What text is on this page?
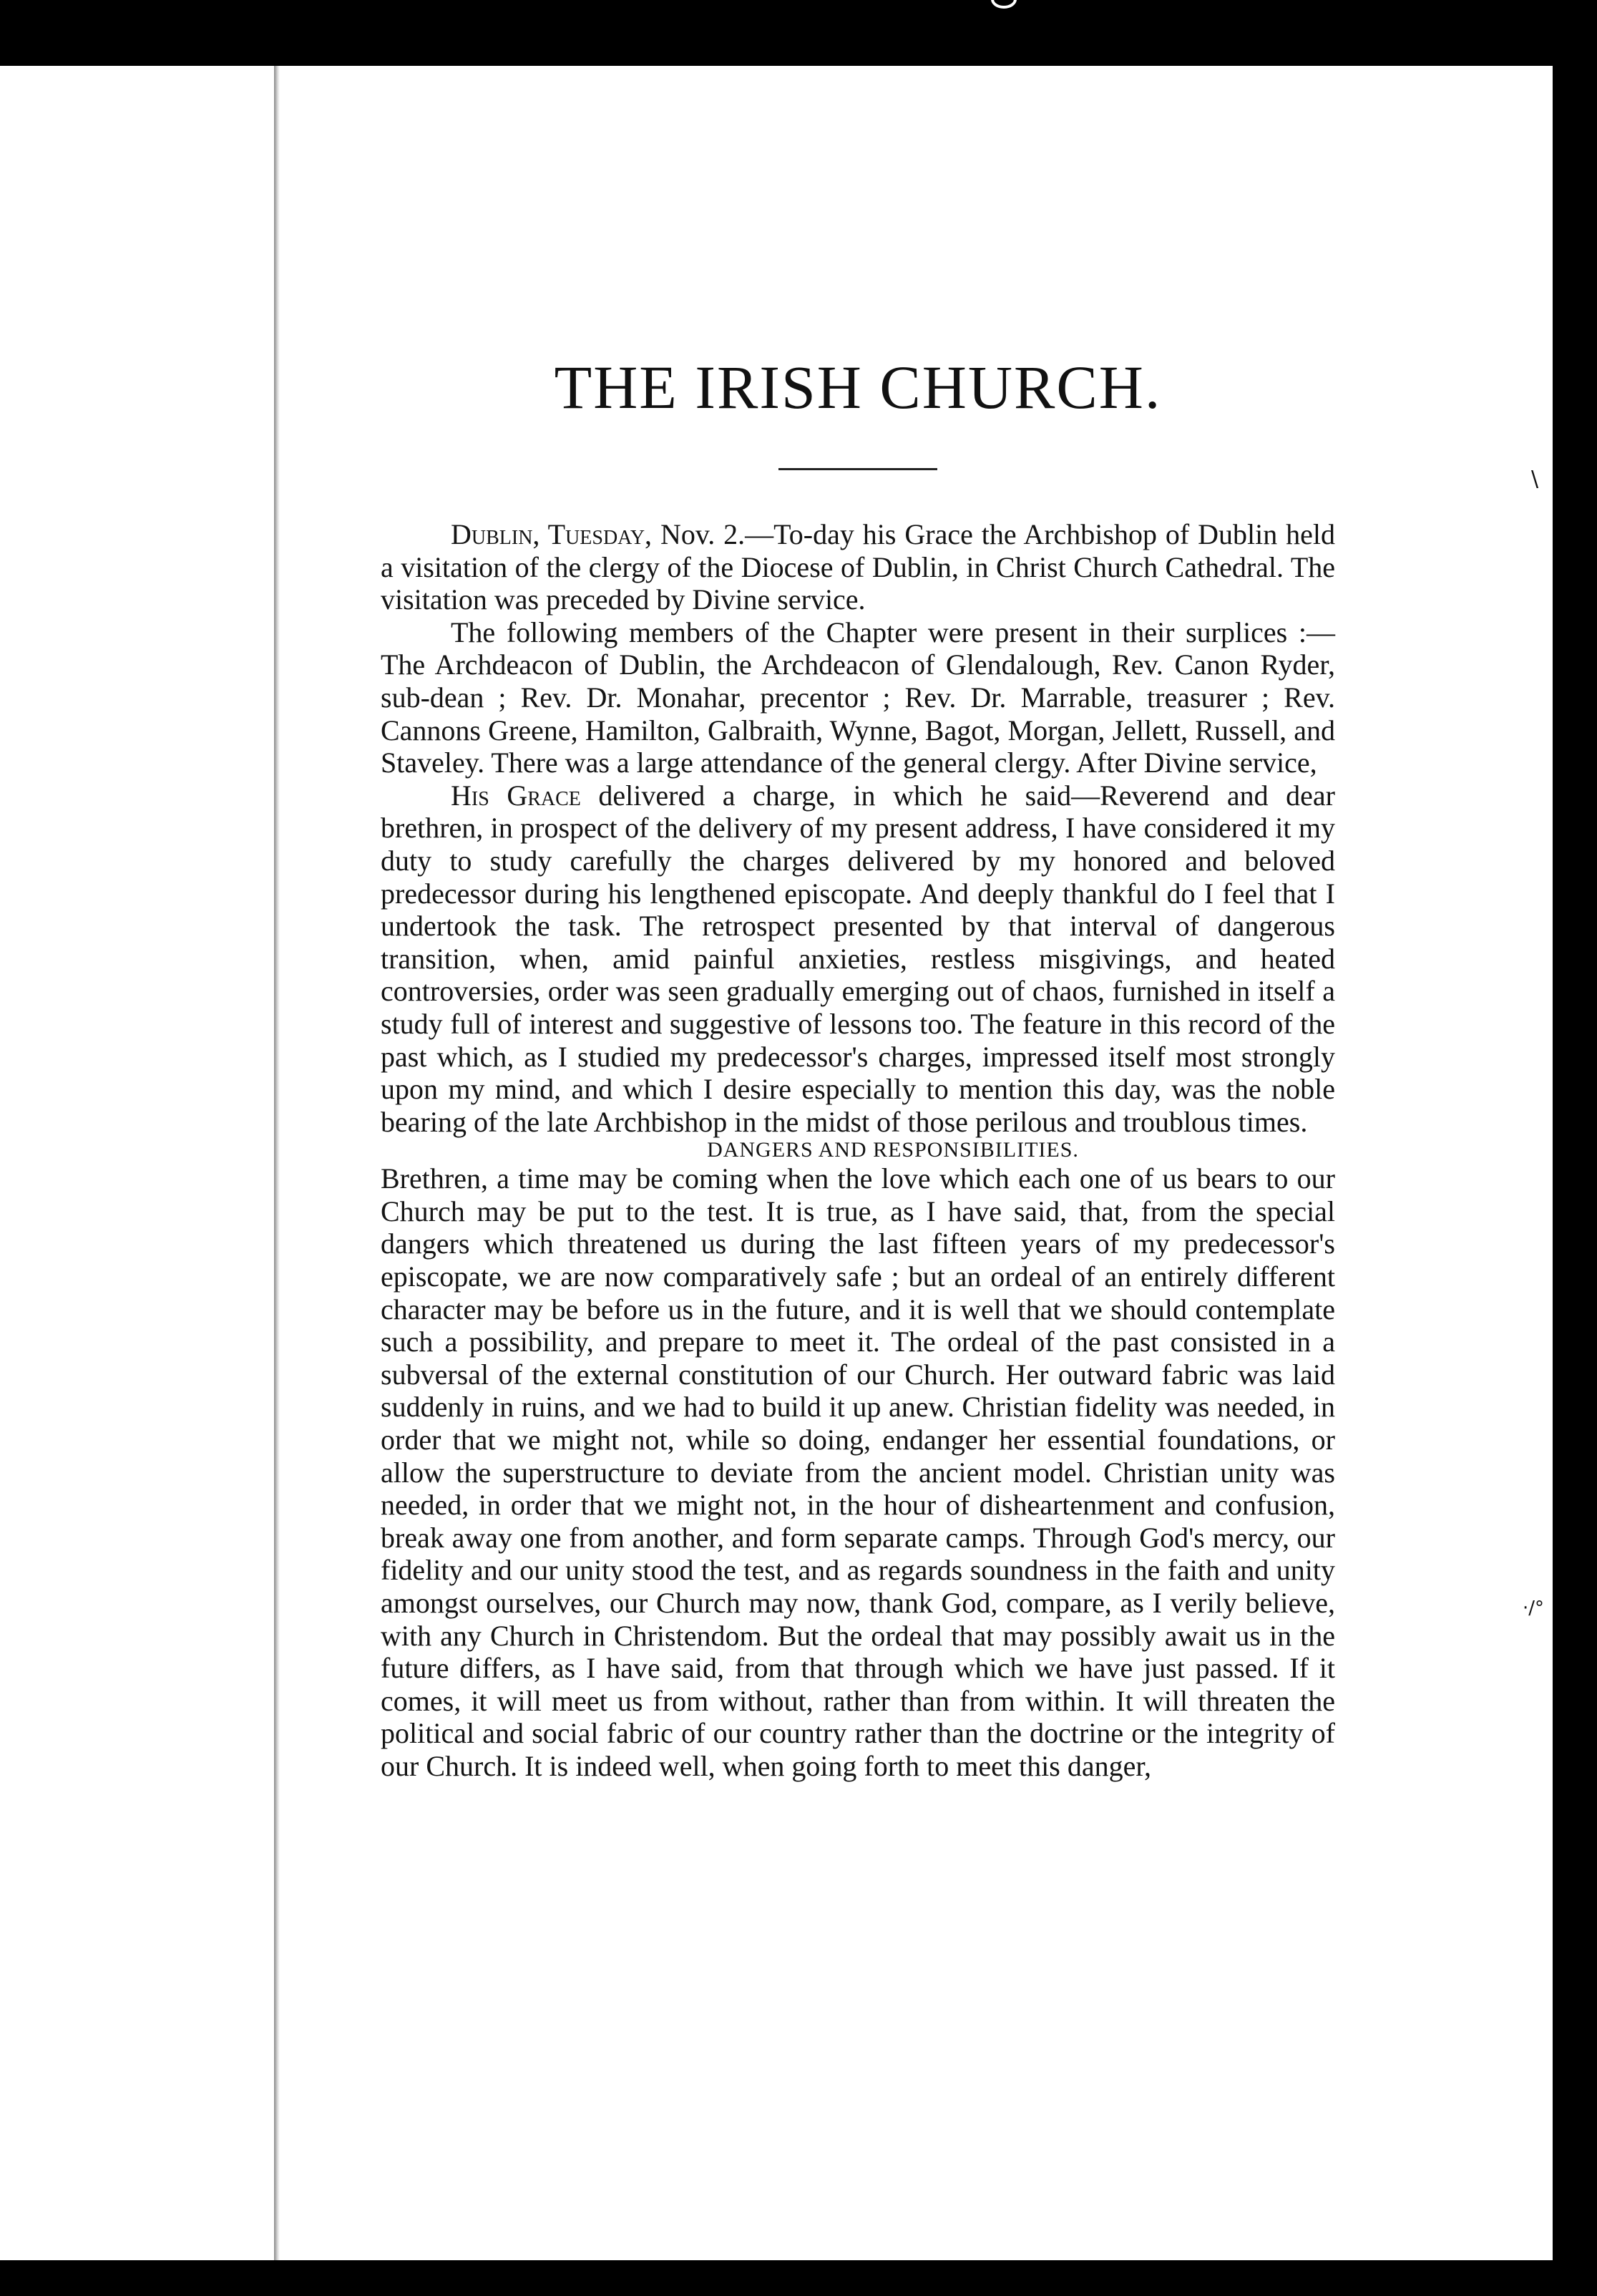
\
·/°
THE IRISH CHURCH.

Dublin, Tuesday, Nov. 2.—To-day his Grace the Archbishop of Dublin held a visitation of the clergy of the Diocese of Dublin, in Christ Church Cathedral. The visitation was preceded by Divine service.

The following members of the Chapter were present in their surplices :—The Archdeacon of Dublin, the Archdeacon of Glendalough, Rev. Canon Ryder, sub-dean ; Rev. Dr. Monahar, precentor ; Rev. Dr. Marrable, treasurer ; Rev. Cannons Greene, Hamilton, Galbraith, Wynne, Bagot, Morgan, Jellett, Russell, and Staveley. There was a large attendance of the general clergy. After Divine service,

His Grace delivered a charge, in which he said—Reverend and dear brethren, in prospect of the delivery of my present address, I have considered it my duty to study carefully the charges delivered by my honored and beloved predecessor during his lengthened episcopate. And deeply thankful do I feel that I undertook the task. The retrospect presented by that interval of dangerous transition, when, amid painful anxieties, restless misgivings, and heated controversies, order was seen gradually emerging out of chaos, furnished in itself a study full of interest and suggestive of lessons too. The feature in this record of the past which, as I studied my predecessor's charges, impressed itself most strongly upon my mind, and which I desire especially to mention this day, was the noble bearing of the late Archbishop in the midst of those perilous and troublous times.

DANGERS AND RESPONSIBILITIES.

Brethren, a time may be coming when the love which each one of us bears to our Church may be put to the test. It is true, as I have said, that, from the special dangers which threatened us during the last fifteen years of my predecessor's episcopate, we are now comparatively safe ; but an ordeal of an entirely different character may be before us in the future, and it is well that we should contemplate such a possibility, and prepare to meet it. The ordeal of the past consisted in a subversal of the external constitution of our Church. Her outward fabric was laid suddenly in ruins, and we had to build it up anew. Christian fidelity was needed, in order that we might not, while so doing, endanger her essential foundations, or allow the superstructure to deviate from the ancient model. Christian unity was needed, in order that we might not, in the hour of disheartenment and confusion, break away one from another, and form separate camps. Through God's mercy, our fidelity and our unity stood the test, and as regards soundness in the faith and unity amongst ourselves, our Church may now, thank God, compare, as I verily believe, with any Church in Christendom. But the ordeal that may possibly await us in the future differs, as I have said, from that through which we have just passed. If it comes, it will meet us from without, rather than from within. It will threaten the political and social fabric of our country rather than the doctrine or the integrity of our Church. It is indeed well, when going forth to meet this danger,
